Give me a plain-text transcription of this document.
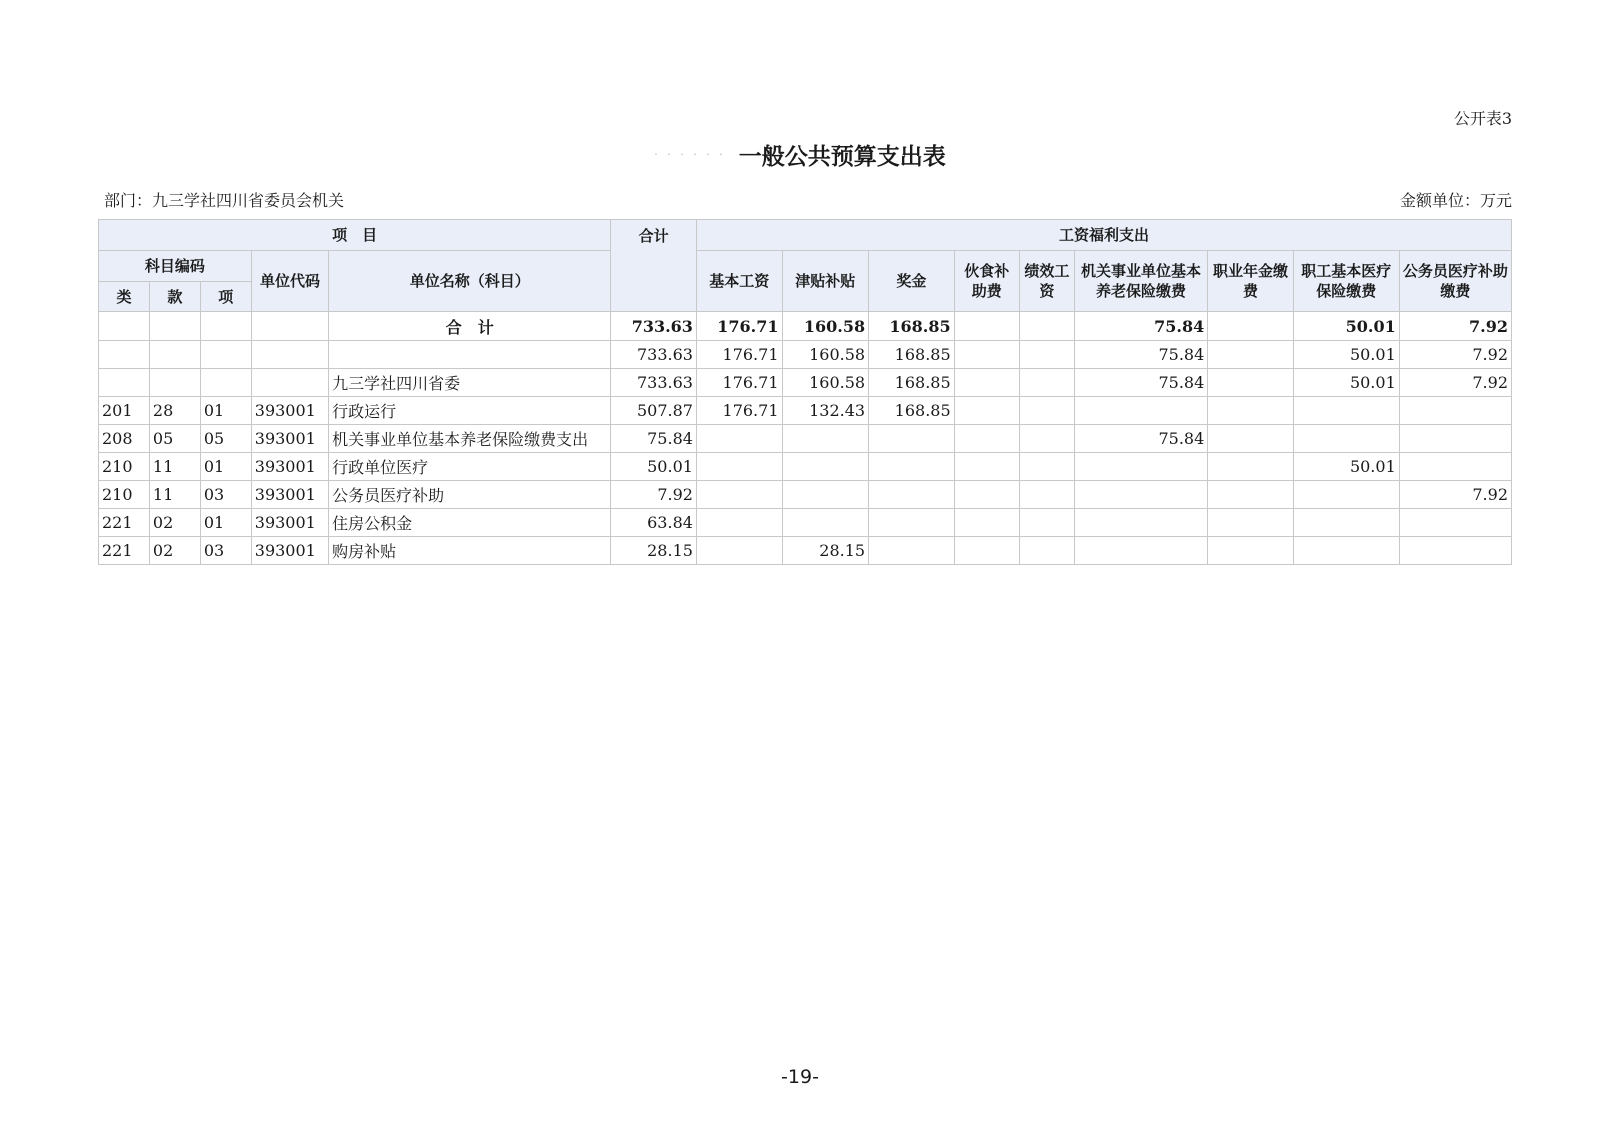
公开表3
· · · · · · 一般公共预算支出表
部门：九三学社四川省委员会机关	金额单位：万元
项　目					合计	工资福利支出								
科目编码			单位代码	单位名称（科目）		基本工资	津贴补贴	奖金	伙食补助费	绩效工资	机关事业单位基本养老保险缴费	职业年金缴费	职工基本医疗保险缴费	公务员医疗补助缴费
类	款	项												
				合　计	733.63	176.71	160.58	168.85			75.84		50.01	7.92
					733.63	176.71	160.58	168.85			75.84		50.01	7.92
				九三学社四川省委	733.63	176.71	160.58	168.85			75.84		50.01	7.92
201	28	01	393001	行政运行	507.87	176.71	132.43	168.85						
208	05	05	393001	机关事业单位基本养老保险缴费支出	75.84						75.84			
210	11	01	393001	行政单位医疗	50.01								50.01	
210	11	03	393001	公务员医疗补助	7.92									7.92
221	02	01	393001	住房公积金	63.84									
221	02	03	393001	购房补贴	28.15		28.15							
-19-
